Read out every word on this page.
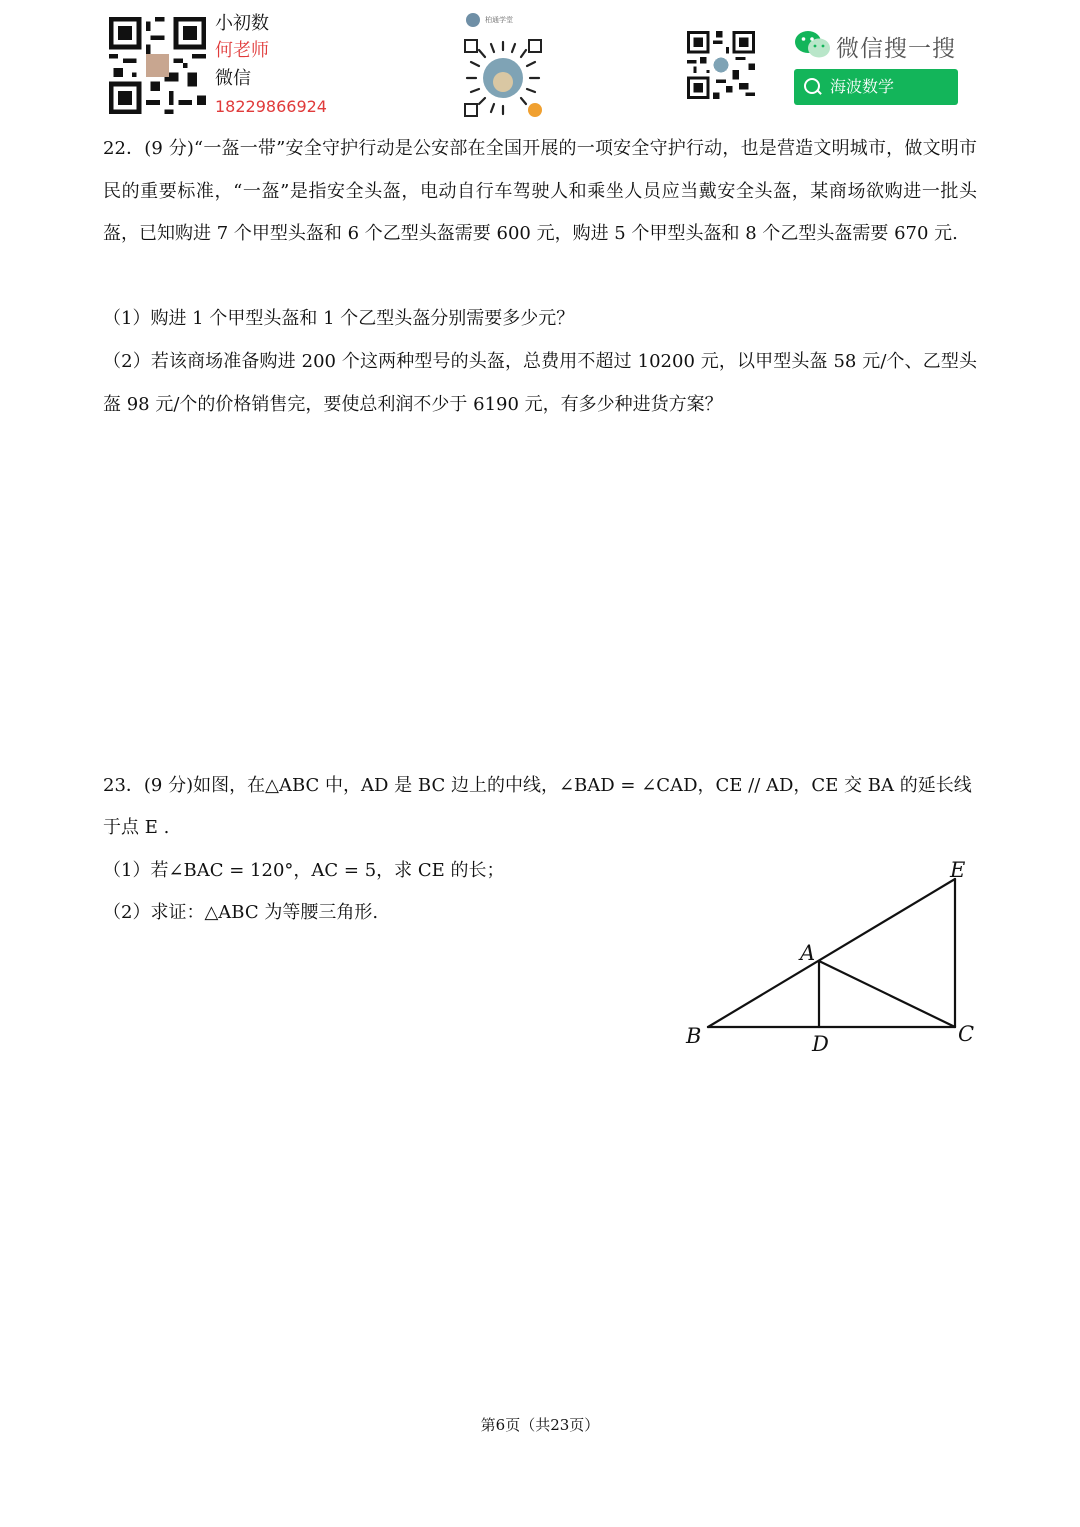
小初数
何老师
微信
18229866924
柏通学堂
微信搜一搜
海波数学
22．(9 分)“一盔一带”安全守护行动是公安部在全国开展的一项安全守护行动，也是营造文明城市，做文明市民的重要标准，“一盔”是指安全头盔，电动自行车驾驶人和乘坐人员应当戴安全头盔，某商场欲购进一批头盔，已知购进 7 个甲型头盔和 6 个乙型头盔需要 600 元，购进 5 个甲型头盔和 8 个乙型头盔需要 670 元.
（1）购进 1 个甲型头盔和 1 个乙型头盔分别需要多少元？
（2）若该商场准备购进 200 个这两种型号的头盔，总费用不超过 10200 元，以甲型头盔 58 元/个、乙型头盔 98 元/个的价格销售完，要使总利润不少于 6190 元，有多少种进货方案？
23．(9 分)如图，在△ABC 中，AD 是 BC 边上的中线，∠BAD = ∠CAD，CE // AD，CE 交 BA 的延长线
于点 E .
（1）若∠BAC = 120°，AC = 5，求 CE 的长；
（2）求证：△ABC 为等腰三角形.
E
A
B	D	C
第6页（共23页）
